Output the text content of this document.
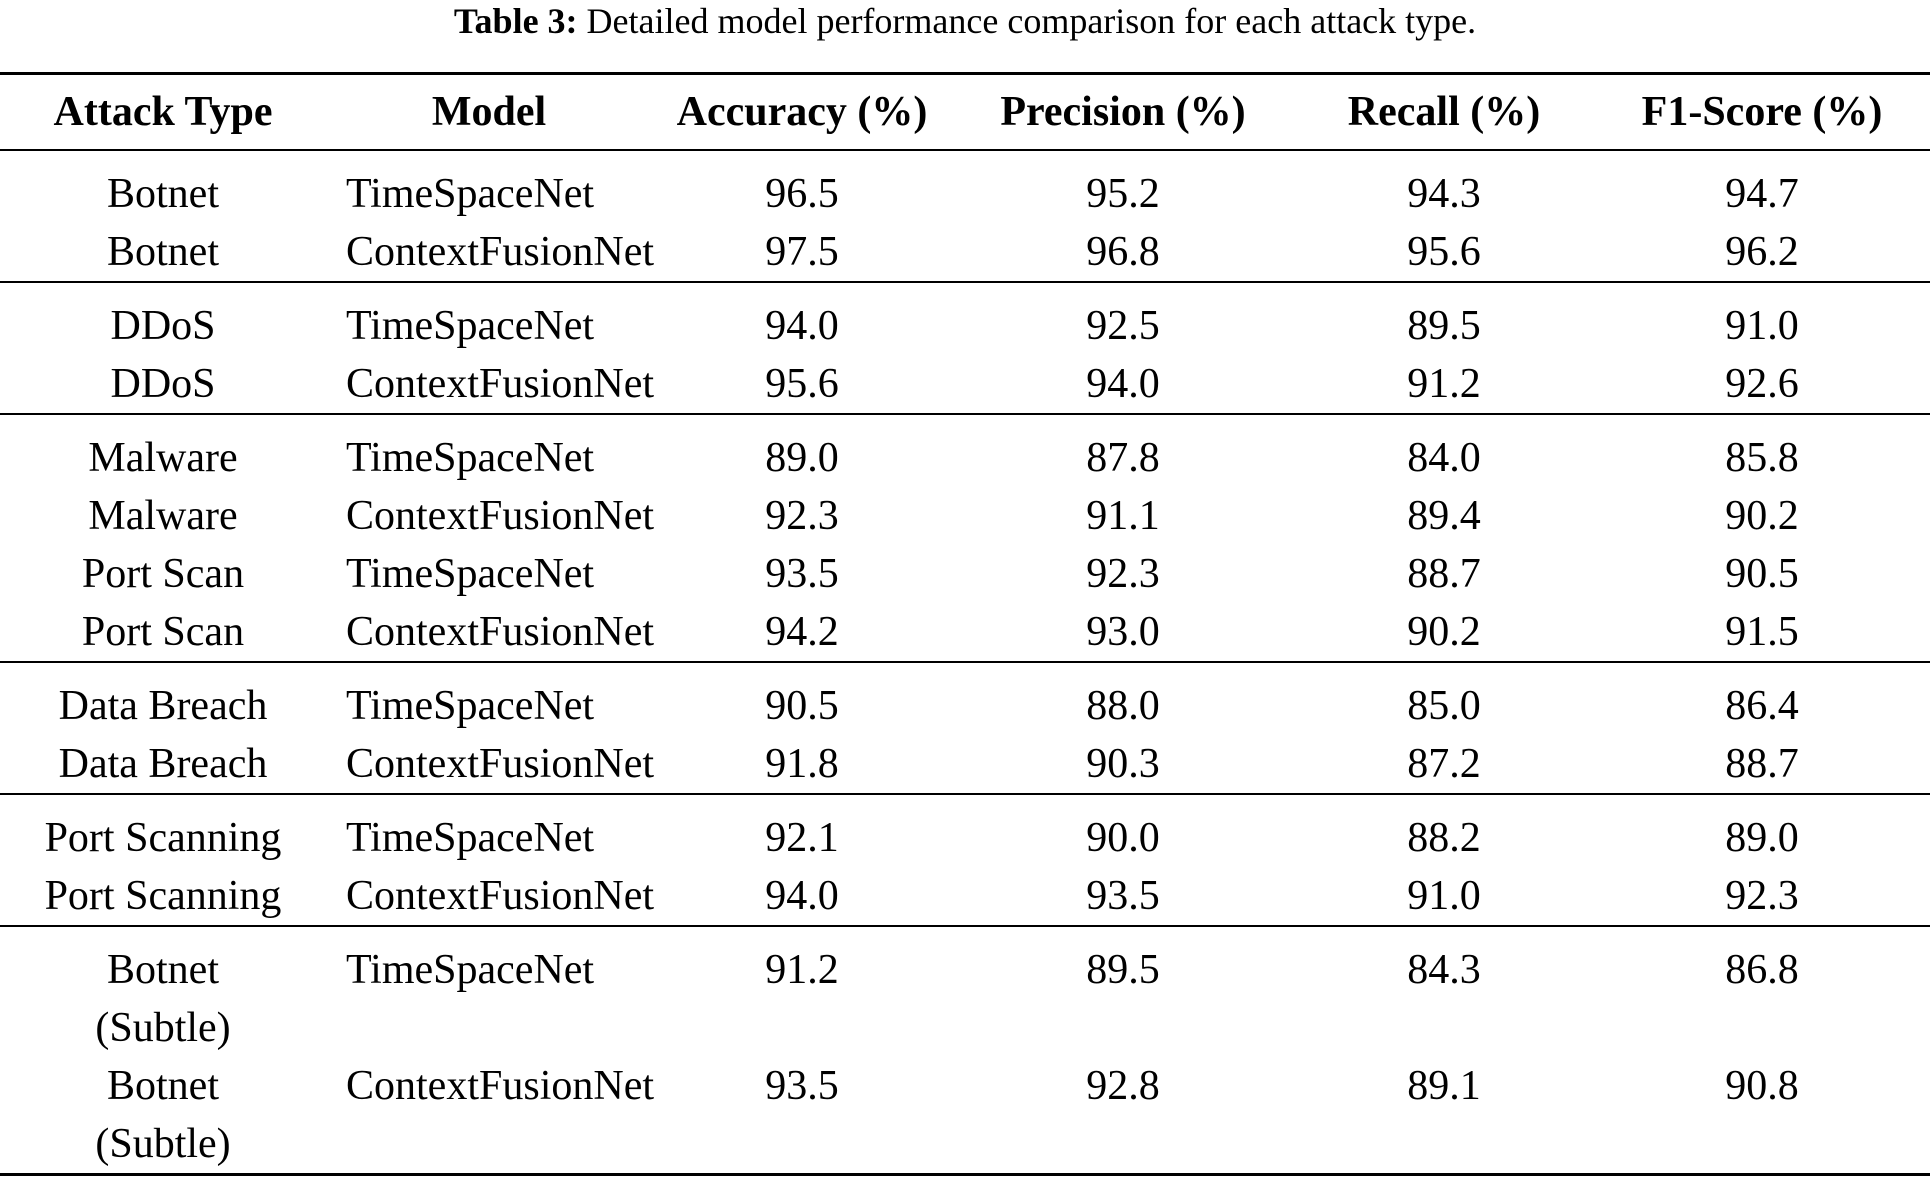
Table 3: Detailed model performance comparison for each attack type.
Attack Type	Model	Accuracy (%)	Precision (%)	Recall (%)	F1-Score (%)
Botnet	TimeSpaceNet	96.5	95.2	94.3	94.7
Botnet	ContextFusionNet	97.5	96.8	95.6	96.2
DDoS	TimeSpaceNet	94.0	92.5	89.5	91.0
DDoS	ContextFusionNet	95.6	94.0	91.2	92.6
Malware	TimeSpaceNet	89.0	87.8	84.0	85.8
Malware	ContextFusionNet	92.3	91.1	89.4	90.2
Port Scan	TimeSpaceNet	93.5	92.3	88.7	90.5
Port Scan	ContextFusionNet	94.2	93.0	90.2	91.5
Data Breach	TimeSpaceNet	90.5	88.0	85.0	86.4
Data Breach	ContextFusionNet	91.8	90.3	87.2	88.7
Port Scanning	TimeSpaceNet	92.1	90.0	88.2	89.0
Port Scanning	ContextFusionNet	94.0	93.5	91.0	92.3

Botnet
(Subtle)	TimeSpaceNet	91.2	89.5	84.3	86.8

Botnet
(Subtle)	ContextFusionNet	93.5	92.8	89.1	90.8
